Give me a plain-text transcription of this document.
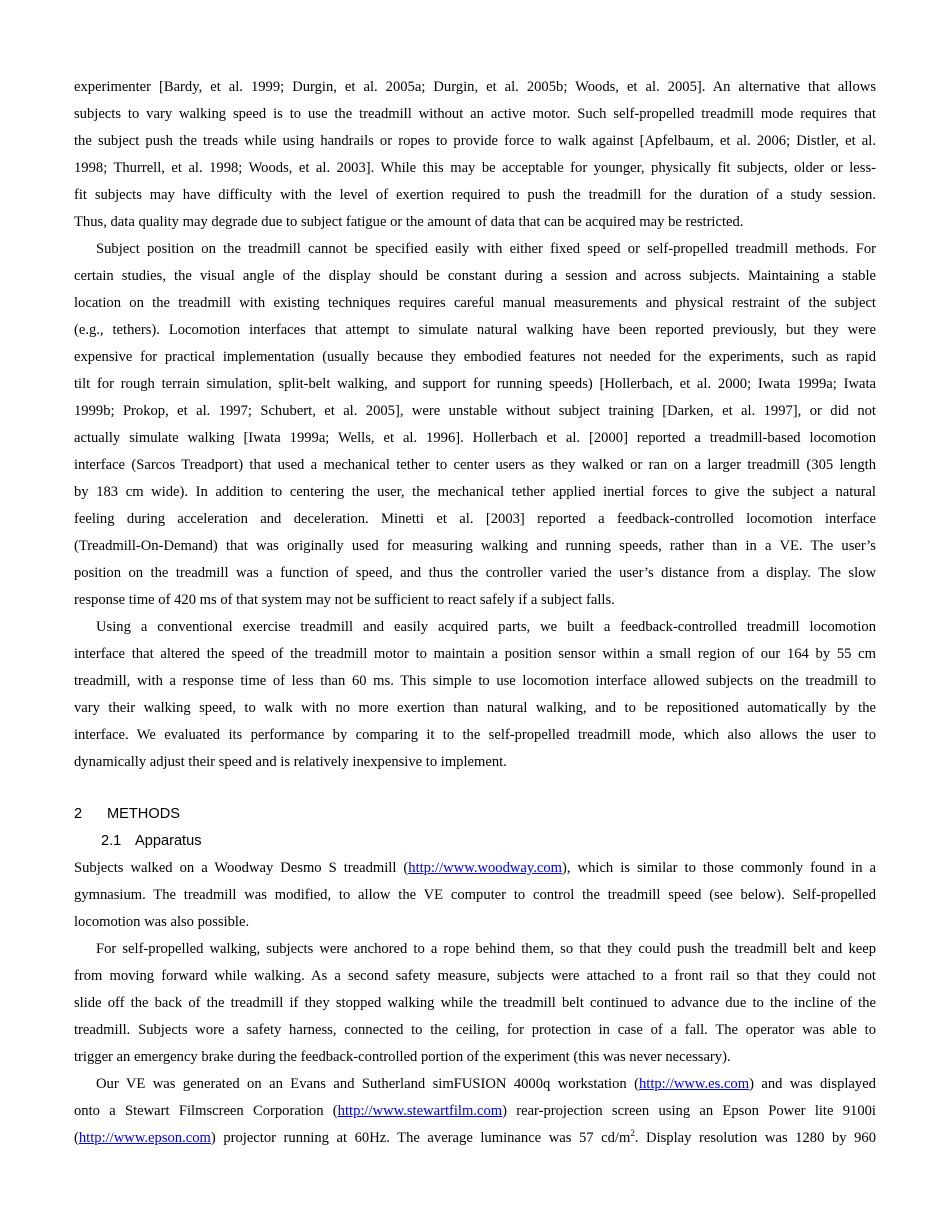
experimenter [Bardy, et al. 1999; Durgin, et al. 2005a; Durgin, et al. 2005b; Woods, et al. 2005]. An alternative that allows
subjects to vary walking speed is to use the treadmill without an active motor. Such self-propelled treadmill mode requires that
the subject push the treads while using handrails or ropes to provide force to walk against [Apfelbaum, et al. 2006; Distler, et al.
1998; Thurrell, et al. 1998; Woods, et al. 2003]. While this may be acceptable for younger, physically fit subjects, older or less-
fit subjects may have difficulty with the level of exertion required to push the treadmill for the duration of a study session.
Thus, data quality may degrade due to subject fatigue or the amount of data that can be acquired may be restricted.
Subject position on the treadmill cannot be specified easily with either fixed speed or self-propelled treadmill methods. For
certain studies, the visual angle of the display should be constant during a session and across subjects. Maintaining a stable
location on the treadmill with existing techniques requires careful manual measurements and physical restraint of the subject
(e.g., tethers). Locomotion interfaces that attempt to simulate natural walking have been reported previously, but they were
expensive for practical implementation (usually because they embodied features not needed for the experiments, such as rapid
tilt for rough terrain simulation, split-belt walking, and support for running speeds) [Hollerbach, et al. 2000; Iwata 1999a; Iwata
1999b; Prokop, et al. 1997; Schubert, et al. 2005], were unstable without subject training [Darken, et al. 1997], or did not
actually simulate walking [Iwata 1999a; Wells, et al. 1996]. Hollerbach et al. [2000] reported a treadmill-based locomotion
interface (Sarcos Treadport) that used a mechanical tether to center users as they walked or ran on a larger treadmill (305 length
by 183 cm wide). In addition to centering the user, the mechanical tether applied inertial forces to give the subject a natural
feeling during acceleration and deceleration. Minetti et al. [2003] reported a feedback-controlled locomotion interface
(Treadmill-On-Demand) that was originally used for measuring walking and running speeds, rather than in a VE. The user’s
position on the treadmill was a function of speed, and thus the controller varied the user’s distance from a display. The slow
response time of 420 ms of that system may not be sufficient to react safely if a subject falls.
Using a conventional exercise treadmill and easily acquired parts, we built a feedback-controlled treadmill locomotion
interface that altered the speed of the treadmill motor to maintain a position sensor within a small region of our 164 by 55 cm
treadmill, with a response time of less than 60 ms. This simple to use locomotion interface allowed subjects on the treadmill to
vary their walking speed, to walk with no more exertion than natural walking, and to be repositioned automatically by the
interface. We evaluated its performance by comparing it to the self-propelled treadmill mode, which also allows the user to
dynamically adjust their speed and is relatively inexpensive to implement.
2 METHODS
2.1 Apparatus
Subjects walked on a Woodway Desmo S treadmill (http://www.woodway.com), which is similar to those commonly found in a
gymnasium. The treadmill was modified, to allow the VE computer to control the treadmill speed (see below). Self-propelled
locomotion was also possible.
For self-propelled walking, subjects were anchored to a rope behind them, so that they could push the treadmill belt and keep
from moving forward while walking. As a second safety measure, subjects were attached to a front rail so that they could not
slide off the back of the treadmill if they stopped walking while the treadmill belt continued to advance due to the incline of the
treadmill. Subjects wore a safety harness, connected to the ceiling, for protection in case of a fall. The operator was able to
trigger an emergency brake during the feedback-controlled portion of the experiment (this was never necessary).
Our VE was generated on an Evans and Sutherland simFUSION 4000q workstation (http://www.es.com) and was displayed
onto a Stewart Filmscreen Corporation (http://www.stewartfilm.com) rear-projection screen using an Epson Power lite 9100i
(http://www.epson.com) projector running at 60Hz. The average luminance was 57 $cd/m^2$. Display resolution was 1280 by 960
